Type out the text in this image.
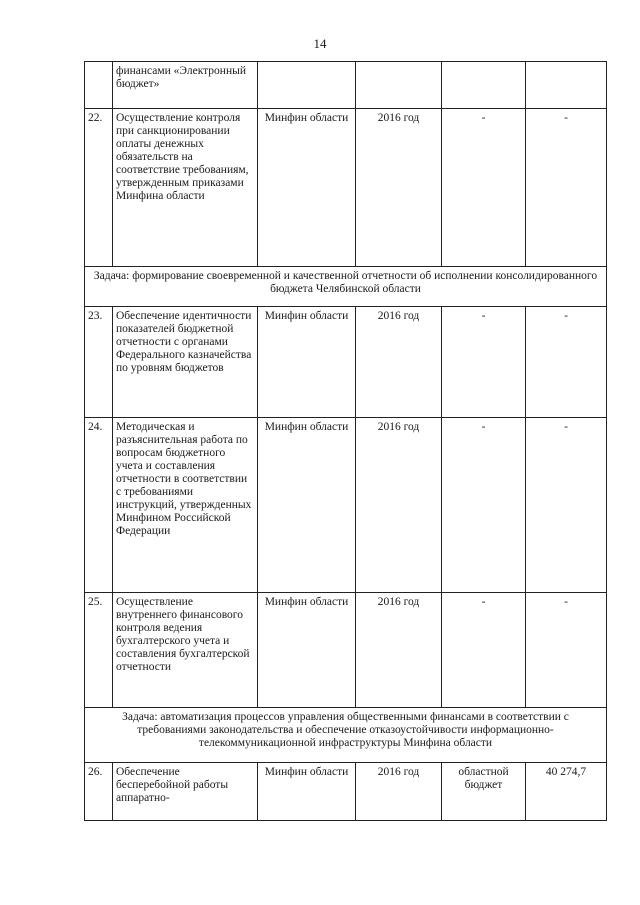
14
	финансами «Электронный бюджет»				
22.	Осуществление контроля при санкционировании оплаты денежных обязательств на соответствие требованиям, утвержденным приказами Минфина области	Минфин области	2016 год	-	-
Задача: формирование своевременной и качественной отчетности об исполнении консолидированного бюджета Челябинской области					
23.	Обеспечение идентичности показателей бюджетной отчетности с органами Федерального казначейства по уровням бюджетов	Минфин области	2016 год	-	-
24.	Методическая и разъяснительная работа по вопросам бюджетного учета и составления отчетности в соответствии с требованиями инструкций, утвержденных Минфином Российской Федерации	Минфин области	2016 год	-	-
25.	Осуществление внутреннего финансового контроля ведения бухгалтерского учета и составления бухгалтерской отчетности	Минфин области	2016 год	-	-
Задача: автоматизация процессов управления общественными финансами в соответствии с требованиями законодательства и обеспечение отказоустойчивости информационно-телекоммуникационной инфраструктуры Минфина области					
26.	Обеспечение бесперебойной работы аппаратно-	Минфин области	2016 год	областной бюджет	40 274,7
